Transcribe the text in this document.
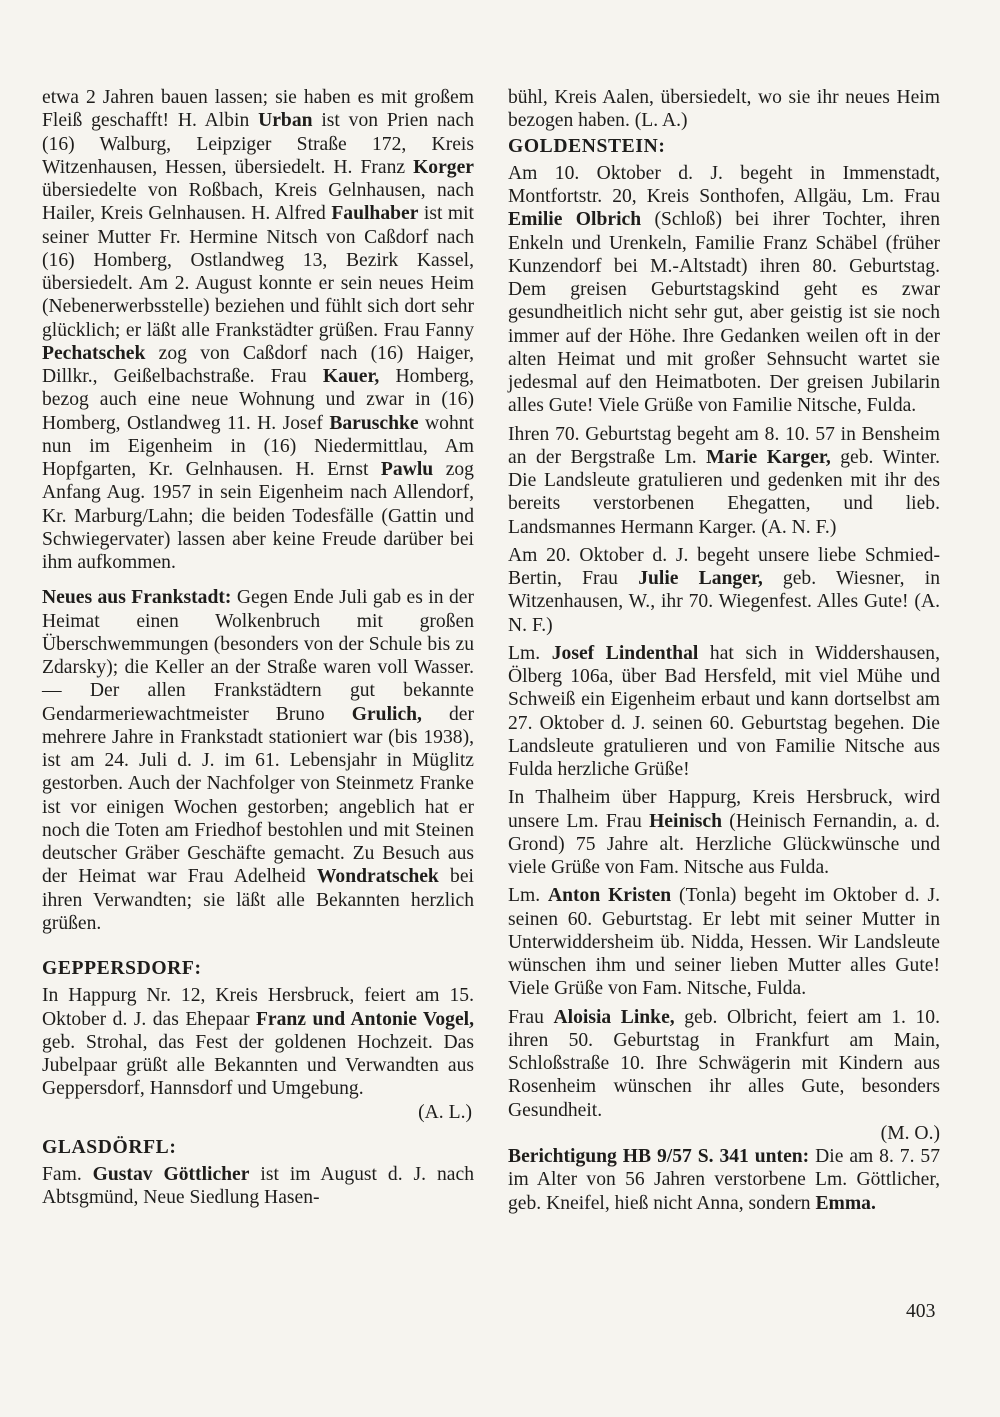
etwa 2 Jahren bauen lassen; sie haben es mit großem Fleiß geschafft! H. Albin Urban ist von Prien nach (16) Walburg, Leipziger Straße 172, Kreis Witzenhausen, Hessen, übersiedelt. H. Franz Korger übersiedelte von Roßbach, Kreis Gelnhausen, nach Hailer, Kreis Gelnhausen. H. Alfred Faulhaber ist mit seiner Mutter Fr. Hermine Nitsch von Caßdorf nach (16) Homberg, Ostlandweg 13, Bezirk Kassel, übersiedelt. Am 2. August konnte er sein neues Heim (Nebenerwerbsstelle) beziehen und fühlt sich dort sehr glücklich; er läßt alle Frankstädter grüßen. Frau Fanny Pechatschek zog von Caßdorf nach (16) Haiger, Dillkr., Geißelbachstraße. Frau Kauer, Homberg, bezog auch eine neue Wohnung und zwar in (16) Homberg, Ostlandweg 11. H. Josef Baruschke wohnt nun im Eigenheim in (16) Niedermittlau, Am Hopfgarten, Kr. Gelnhausen. H. Ernst Pawlu zog Anfang Aug. 1957 in sein Eigenheim nach Allendorf, Kr. Marburg/Lahn; die beiden Todesfälle (Gattin und Schwiegervater) lassen aber keine Freude darüber bei ihm aufkommen.

Neues aus Frankstadt: Gegen Ende Juli gab es in der Heimat einen Wolkenbruch mit großen Überschwemmungen (besonders von der Schule bis zu Zdarsky); die Keller an der Straße waren voll Wasser. — Der allen Frankstädtern gut bekannte Gendarmeriewachtmeister Bruno Grulich, der mehrere Jahre in Frankstadt stationiert war (bis 1938), ist am 24. Juli d. J. im 61. Lebensjahr in Müglitz gestorben. Auch der Nachfolger von Steinmetz Franke ist vor einigen Wochen gestorben; angeblich hat er noch die Toten am Friedhof bestohlen und mit Steinen deutscher Gräber Geschäfte gemacht. Zu Besuch aus der Heimat war Frau Adelheid Wondratschek bei ihren Verwandten; sie läßt alle Bekannten herzlich grüßen.

GEPPERSDORF:

In Happurg Nr. 12, Kreis Hersbruck, feiert am 15. Oktober d. J. das Ehepaar Franz und Antonie Vogel, geb. Strohal, das Fest der goldenen Hochzeit. Das Jubelpaar grüßt alle Bekannten und Verwandten aus Geppersdorf, Hannsdorf und Umgebung.

(A. L.)

GLASDÖRFL:

Fam. Gustav Göttlicher ist im August d. J. nach Abtsgmünd, Neue Siedlung Hasen-

bühl, Kreis Aalen, übersiedelt, wo sie ihr neues Heim bezogen haben. (L. A.)

GOLDENSTEIN:

Am 10. Oktober d. J. begeht in Immenstadt, Montfortstr. 20, Kreis Sonthofen, Allgäu, Lm. Frau Emilie Olbrich (Schloß) bei ihrer Tochter, ihren Enkeln und Urenkeln, Familie Franz Schäbel (früher Kunzendorf bei M.-Altstadt) ihren 80. Geburtstag. Dem greisen Geburtstagskind geht es zwar gesundheitlich nicht sehr gut, aber geistig ist sie noch immer auf der Höhe. Ihre Gedanken weilen oft in der alten Heimat und mit großer Sehnsucht wartet sie jedesmal auf den Heimatboten. Der greisen Jubilarin alles Gute! Viele Grüße von Familie Nitsche, Fulda.

Ihren 70. Geburtstag begeht am 8. 10. 57 in Bensheim an der Bergstraße Lm. Marie Karger, geb. Winter. Die Landsleute gratulieren und gedenken mit ihr des bereits verstorbenen Ehegatten, und lieb. Landsmannes Hermann Karger. (A. N. F.)

Am 20. Oktober d. J. begeht unsere liebe Schmied-Bertin, Frau Julie Langer, geb. Wiesner, in Witzenhausen, W., ihr 70. Wiegenfest. Alles Gute! (A. N. F.)

Lm. Josef Lindenthal hat sich in Widdershausen, Ölberg 106a, über Bad Hersfeld, mit viel Mühe und Schweiß ein Eigenheim erbaut und kann dortselbst am 27. Oktober d. J. seinen 60. Geburtstag begehen. Die Landsleute gratulieren und von Familie Nitsche aus Fulda herzliche Grüße!

In Thalheim über Happurg, Kreis Hersbruck, wird unsere Lm. Frau Heinisch (Heinisch Fernandin, a. d. Grond) 75 Jahre alt. Herzliche Glückwünsche und viele Grüße von Fam. Nitsche aus Fulda.

Lm. Anton Kristen (Tonla) begeht im Oktober d. J. seinen 60. Geburtstag. Er lebt mit seiner Mutter in Unterwiddersheim üb. Nidda, Hessen. Wir Landsleute wünschen ihm und seiner lieben Mutter alles Gute! Viele Grüße von Fam. Nitsche, Fulda.

Frau Aloisia Linke, geb. Olbricht, feiert am 1. 10. ihren 50. Geburtstag in Frankfurt am Main, Schloßstraße 10. Ihre Schwägerin mit Kindern aus Rosenheim wünschen ihr alles Gute, besonders Gesundheit.

(M. O.)

Berichtigung HB 9/57 S. 341 unten: Die am 8. 7. 57 im Alter von 56 Jahren verstorbene Lm. Göttlicher, geb. Kneifel, hieß nicht Anna, sondern Emma.

403
